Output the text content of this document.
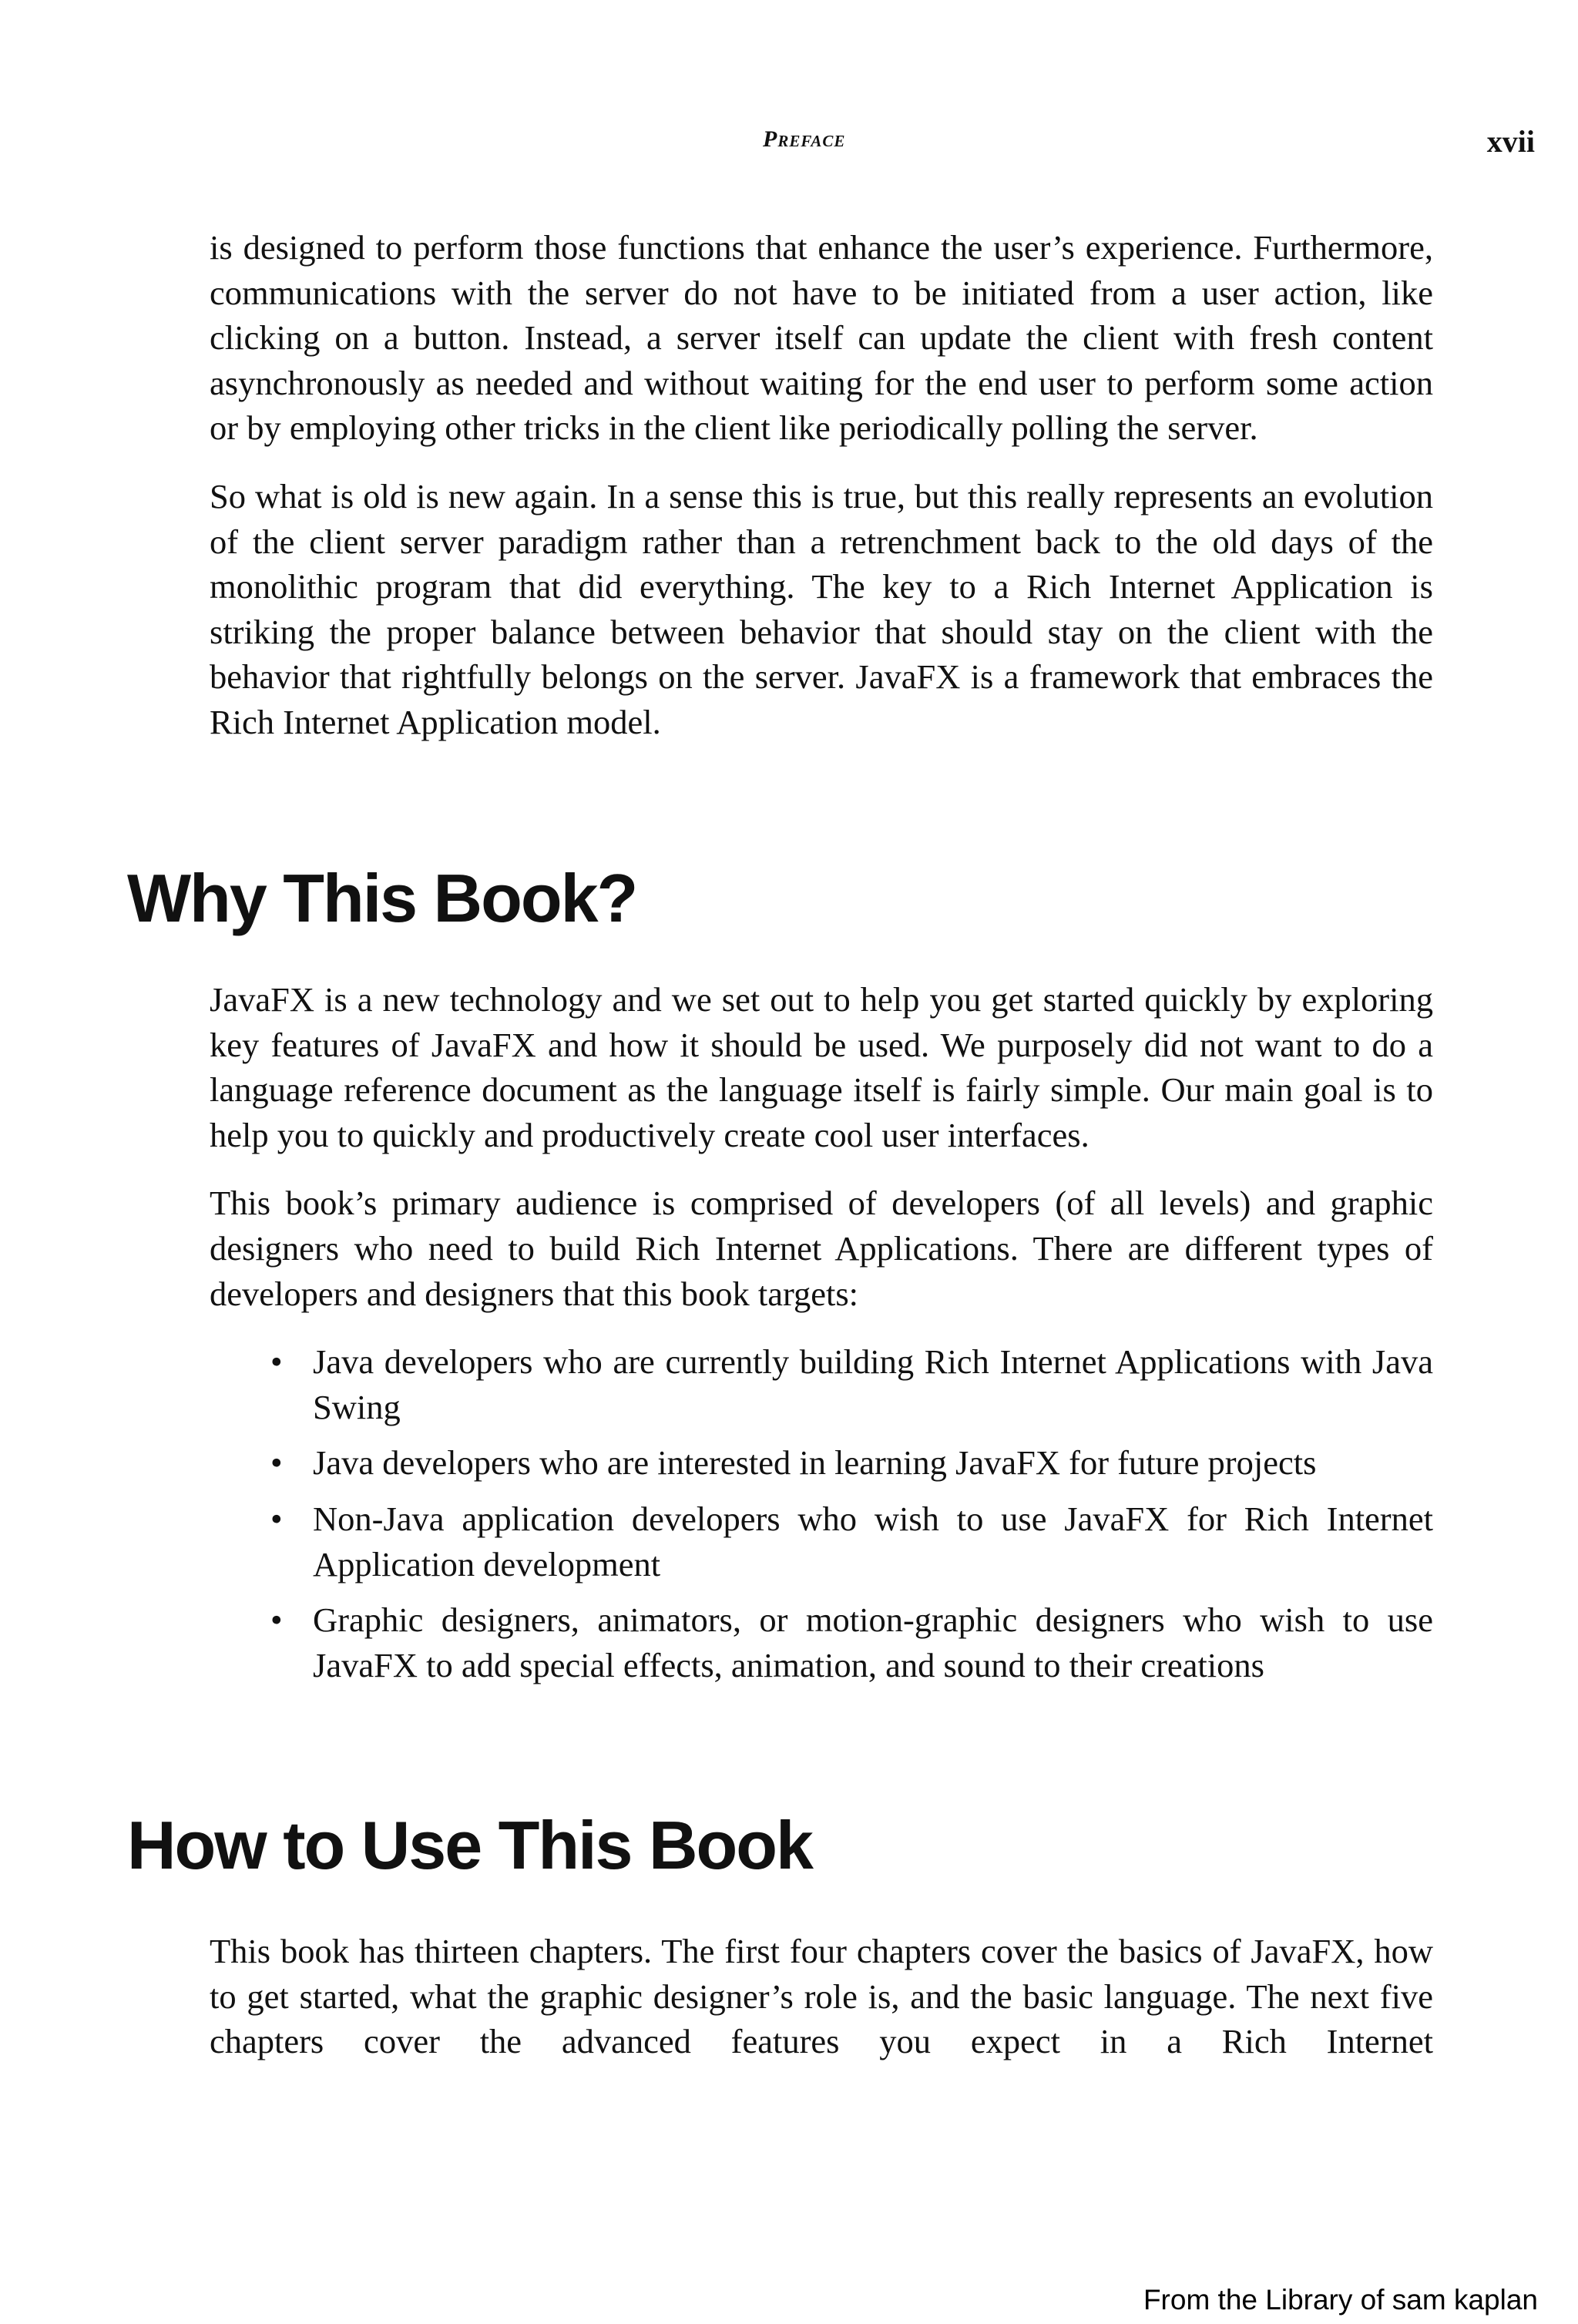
Preface	xvii

is designed to perform those functions that enhance the user’s experience. Furthermore, communications with the server do not have to be initiated from a user action, like clicking on a button. Instead, a server itself can update the client with fresh content asynchronously as needed and without waiting for the end user to perform some action or by employing other tricks in the client like periodically polling the server.

So what is old is new again. In a sense this is true, but this really represents an evolution of the client server paradigm rather than a retrenchment back to the old days of the monolithic program that did everything. The key to a Rich Internet Application is striking the proper balance between behavior that should stay on the client with the behavior that rightfully belongs on the server. JavaFX is a framework that embraces the Rich Internet Application model.

Why This Book?

JavaFX is a new technology and we set out to help you get started quickly by exploring key features of JavaFX and how it should be used. We purposely did not want to do a language reference document as the language itself is fairly simple. Our main goal is to help you to quickly and productively create cool user interfaces.

This book’s primary audience is comprised of developers (of all levels) and graphic designers who need to build Rich Internet Applications. There are different types of developers and designers that this book targets:

• Java developers who are currently building Rich Internet Applications with Java Swing
• Java developers who are interested in learning JavaFX for future projects
• Non-Java application developers who wish to use JavaFX for Rich Internet Application development
• Graphic designers, animators, or motion-graphic designers who wish to use JavaFX to add special effects, animation, and sound to their creations
How to Use This Book

This book has thirteen chapters. The first four chapters cover the basics of JavaFX, how to get started, what the graphic designer’s role is, and the basic language. The next five chapters cover the advanced features you expect in a Rich Internet

From the Library of sam kaplan
